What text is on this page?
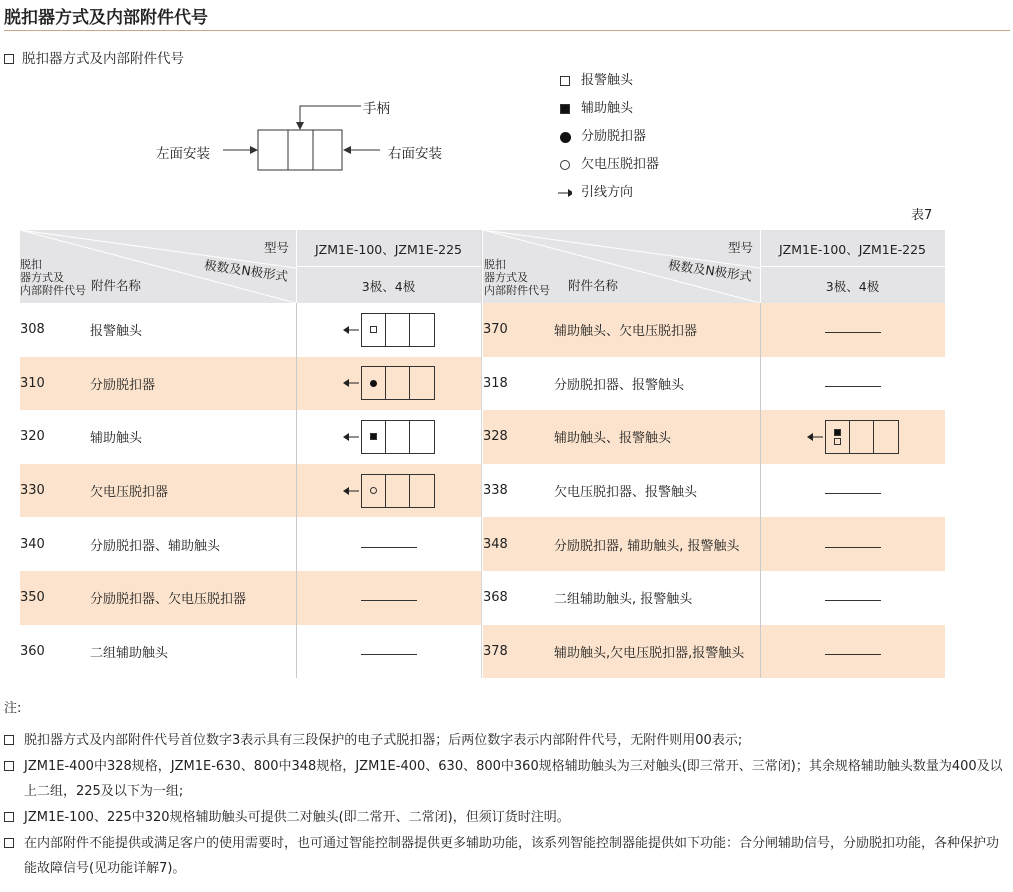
脱扣器方式及内部附件代号
脱扣器方式及内部附件代号
手柄
左面安装	右面安装
报警触头
辅助触头
分励脱扣器
欠电压脱扣器
引线方向
表7
型号
极数及N极形式
脱扣
器方式及
内部附件代号 附件名称
JZM1E-100、JZM1E-225
3极、4极
308	报警触头
310	分励脱扣器
320	辅助触头
330	欠电压脱扣器
340	分励脱扣器、辅助触头
350	分励脱扣器、欠电压脱扣器
360	二组辅助触头
型号
极数及N极形式
脱扣
器方式及
内部附件代号 附件名称
JZM1E-100、JZM1E-225
3极、4极
370	辅助触头、欠电压脱扣器
318	分励脱扣器、报警触头
328	辅助触头、报警触头
338	欠电压脱扣器、报警触头
348	分励脱扣器, 辅助触头, 报警触头
368	二组辅助触头, 报警触头
378	辅助触头,欠电压脱扣器,报警触头
注:
脱扣器方式及内部附件代号首位数字3表示具有三段保护的电子式脱扣器；后两位数字表示内部附件代号，无附件则用00表示;
JZM1E-400中328规格，JZM1E-630、800中348规格，JZM1E-400、630、800中360规格辅助触头为三对触头(即三常开、三常闭)；其余规格辅助触头数量为400及以上二组，225及以下为一组;
JZM1E-100、225中320规格辅助触头可提供二对触头(即二常开、二常闭)，但须订货时注明。
在内部附件不能提供或满足客户的使用需要时，也可通过智能控制器提供更多辅助功能，该系列智能控制器能提供如下功能：合分闸辅助信号，分励脱扣功能，各种保护功能故障信号(见功能详解7)。
